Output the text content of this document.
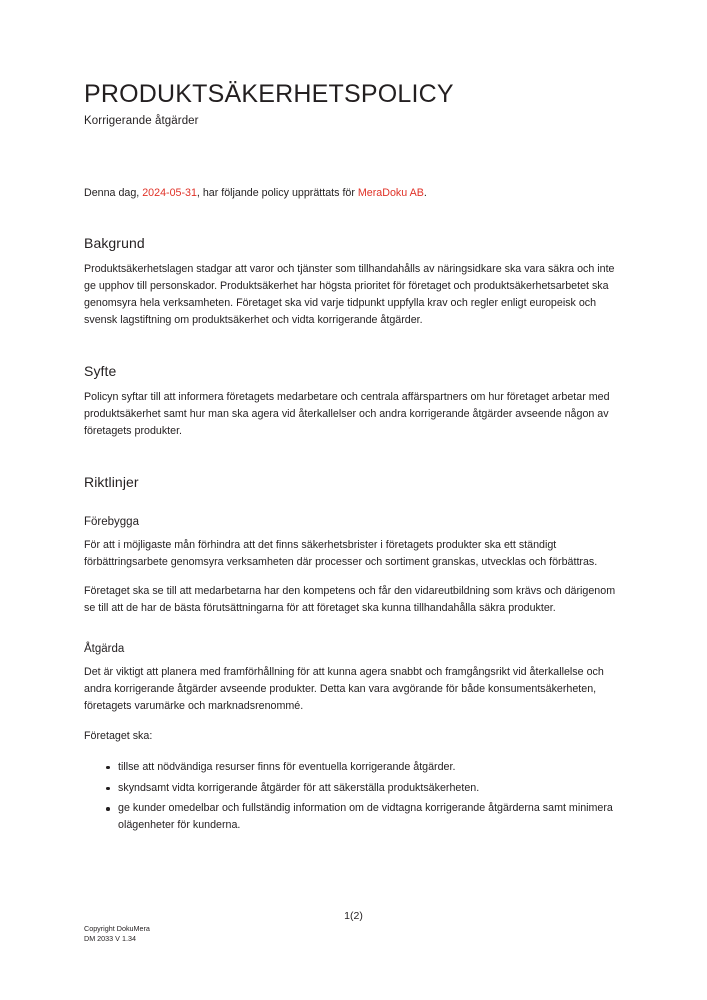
PRODUKTSÄKERHETSPOLICY

Korrigerande åtgärder

Denna dag, 2024-05-31, har följande policy upprättats för MeraDoku AB.

Bakgrund

Produktsäkerhetslagen stadgar att varor och tjänster som tillhandahålls av näringsidkare ska vara säkra och inte ge upphov till personskador. Produktsäkerhet har högsta prioritet för företaget och produktsäkerhetsarbetet ska genomsyra hela verksamheten. Företaget ska vid varje tidpunkt uppfylla krav och regler enligt europeisk och svensk lagstiftning om produktsäkerhet och vidta korrigerande åtgärder.

Syfte

Policyn syftar till att informera företagets medarbetare och centrala affärspartners om hur företaget arbetar med produktsäkerhet samt hur man ska agera vid återkallelser och andra korrigerande åtgärder avseende någon av företagets produkter.

Riktlinjer
Förebygga

För att i möjligaste mån förhindra att det finns säkerhetsbrister i företagets produkter ska ett ständigt förbättringsarbete genomsyra verksamheten där processer och sortiment granskas, utvecklas och förbättras.

Företaget ska se till att medarbetarna har den kompetens och får den vidareutbildning som krävs och därigenom se till att de har de bästa förutsättningarna för att företaget ska kunna tillhandahålla säkra produkter.

Åtgärda

Det är viktigt att planera med framförhållning för att kunna agera snabbt och framgångsrikt vid återkallelse och andra korrigerande åtgärder avseende produkter. Detta kan vara avgörande för både konsumentsäkerheten, företagets varumärke och marknadsrenommé.

Företaget ska:

tillse att nödvändiga resurser finns för eventuella korrigerande åtgärder.
skyndsamt vidta korrigerande åtgärder för att säkerställa produktsäkerheten.
ge kunder omedelbar och fullständig information om de vidtagna korrigerande åtgärderna samt minimera olägenheter för kunderna.
1(2)
Copyright DokuMera
DM 2033 V 1.34
